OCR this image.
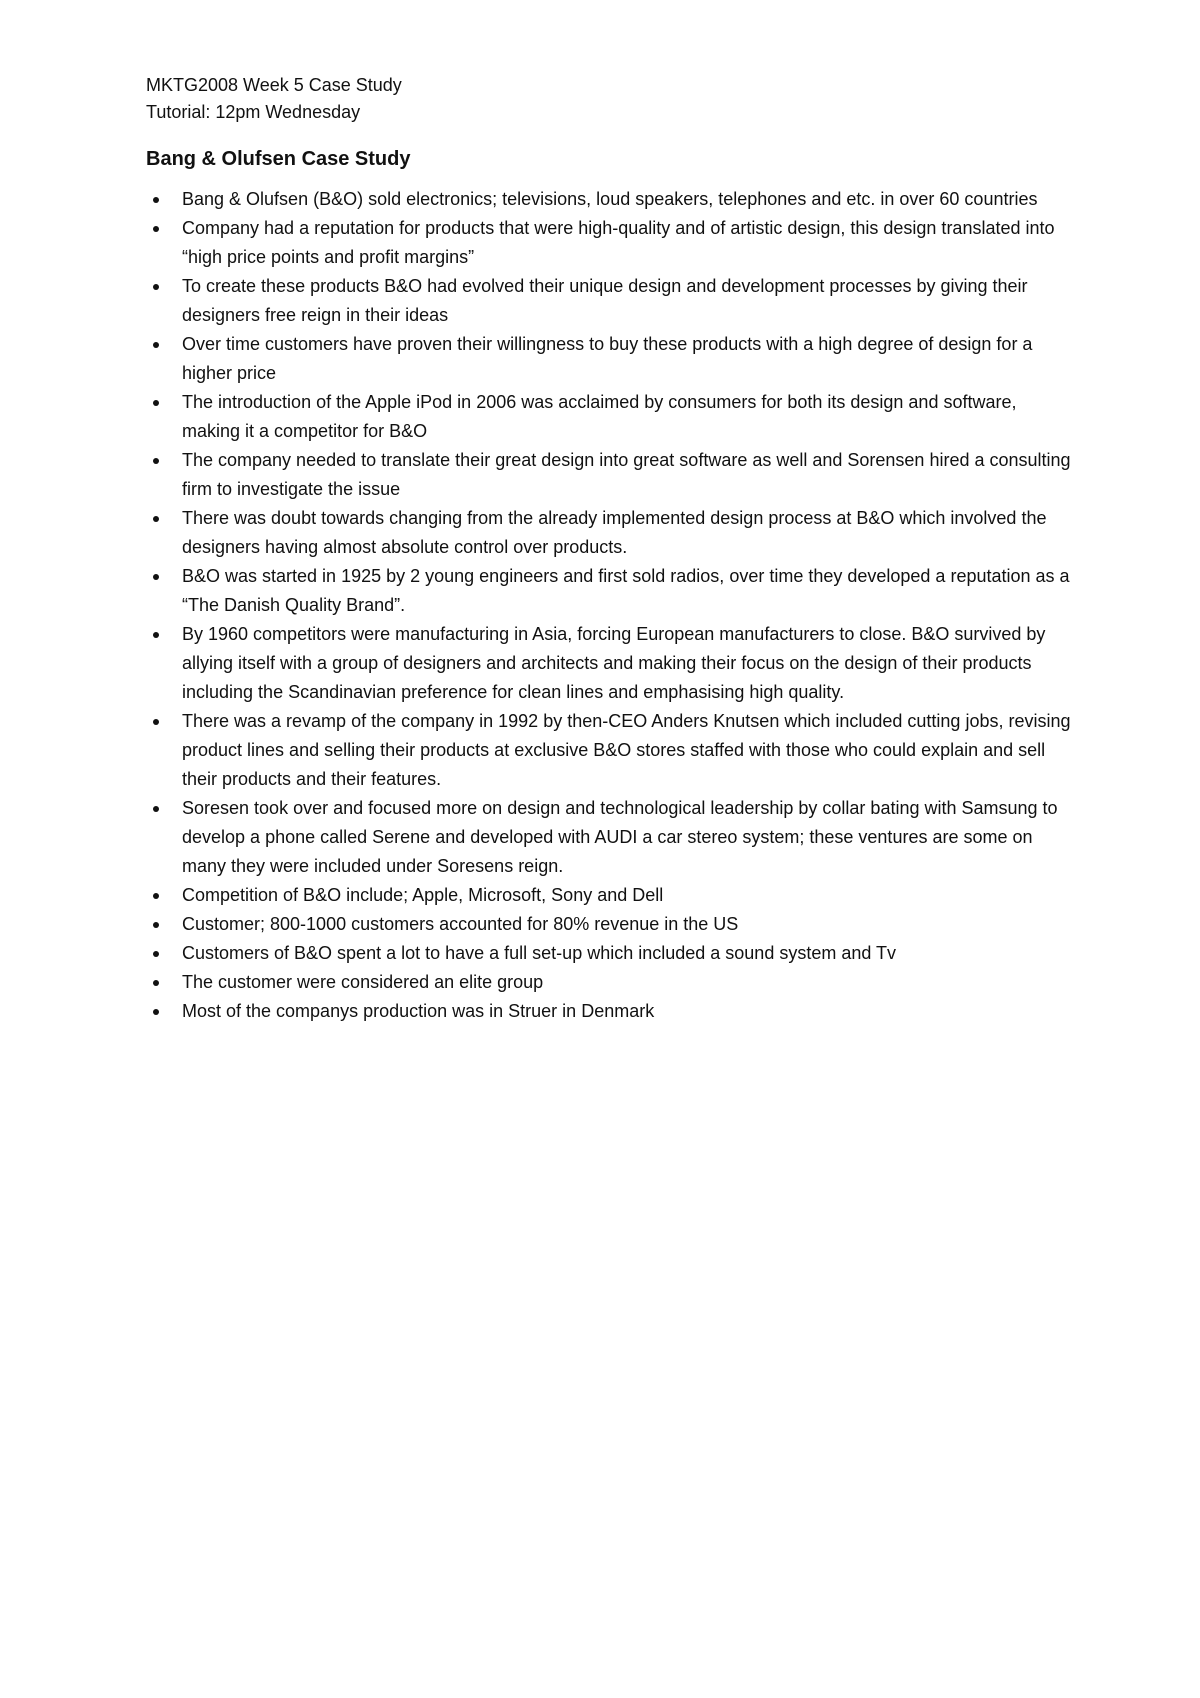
MKTG2008 Week 5 Case Study

Tutorial: 12pm Wednesday

Bang & Olufsen Case Study
Bang & Olufsen (B&O) sold electronics; televisions, loud speakers, telephones and etc. in over 60 countries
Company had a reputation for products that were high-quality and of artistic design, this design translated into “high price points and profit margins”
To create these products B&O had evolved their unique design and development processes by giving their designers free reign in their ideas
Over time customers have proven their willingness to buy these products with a high degree of design for a higher price
The introduction of the Apple iPod in 2006 was acclaimed by consumers for both its design and software, making it a competitor for B&O
The company needed to translate their great design into great software as well and Sorensen hired a consulting firm to investigate the issue
There was doubt towards changing from the already implemented design process at B&O which involved the designers having almost absolute control over products.
B&O was started in 1925 by 2 young engineers and first sold radios, over time they developed a reputation as a “The Danish Quality Brand”.
By 1960 competitors were manufacturing in Asia, forcing European manufacturers to close. B&O survived by allying itself with a group of designers and architects and making their focus on the design of their products including the Scandinavian preference for clean lines and emphasising high quality.
There was a revamp of the company in 1992 by then-CEO Anders Knutsen which included cutting jobs, revising product lines and selling their products at exclusive B&O stores staffed with those who could explain and sell their products and their features.
Soresen took over and focused more on design and technological leadership by collar bating with Samsung to develop a phone called Serene and developed with AUDI a car stereo system; these ventures are some on many they were included under Soresens reign.
Competition of B&O include; Apple, Microsoft, Sony and Dell
Customer; 800-1000 customers accounted for 80% revenue in the US
Customers of B&O spent a lot to have a full set-up which included a sound system and Tv
The customer were considered an elite group
Most of the companys production was in Struer in Denmark
